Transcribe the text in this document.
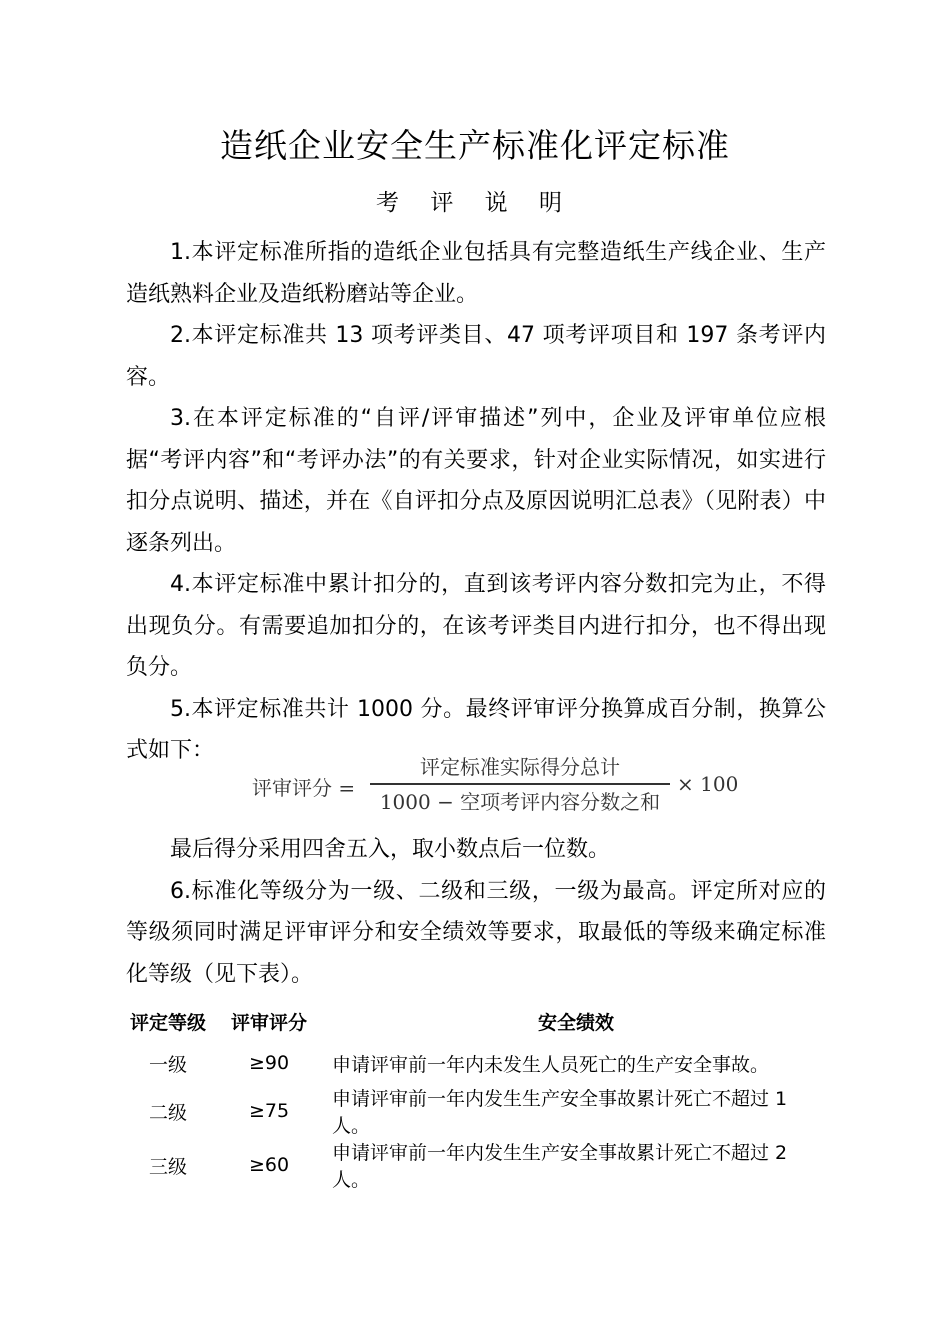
造纸企业安全生产标准化评定标准
考 评 说 明

1.本评定标准所指的造纸企业包括具有完整造纸生产线企业、生产造纸熟料企业及造纸粉磨站等企业。

2.本评定标准共 13 项考评类目、47 项考评项目和 197 条考评内容。

3.在本评定标准的“自评/评审描述”列中，企业及评审单位应根据“考评内容”和“考评办法”的有关要求，针对企业实际情况，如实进行扣分点说明、描述，并在《自评扣分点及原因说明汇总表》（见附表）中逐条列出。

4.本评定标准中累计扣分的，直到该考评内容分数扣完为止，不得出现负分。有需要追加扣分的，在该考评类目内进行扣分，也不得出现负分。

5.本评定标准共计 1000 分。最终评审评分换算成百分制，换算公式如下：

评审评分 =
评定标准实际得分总计
1000 − 空项考评内容分数之和
× 100

最后得分采用四舍五入，取小数点后一位数。

6.标准化等级分为一级、二级和三级，一级为最高。评定所对应的等级须同时满足评审评分和安全绩效等要求，取最低的等级来确定标准化等级（见下表）。

评定等级	评审评分	安全绩效
一级	≥90	申请评审前一年内未发生人员死亡的生产安全事故。
二级	≥75	申请评审前一年内发生生产安全事故累计死亡不超过 1 人。
三级	≥60	申请评审前一年内发生生产安全事故累计死亡不超过 2 人。
